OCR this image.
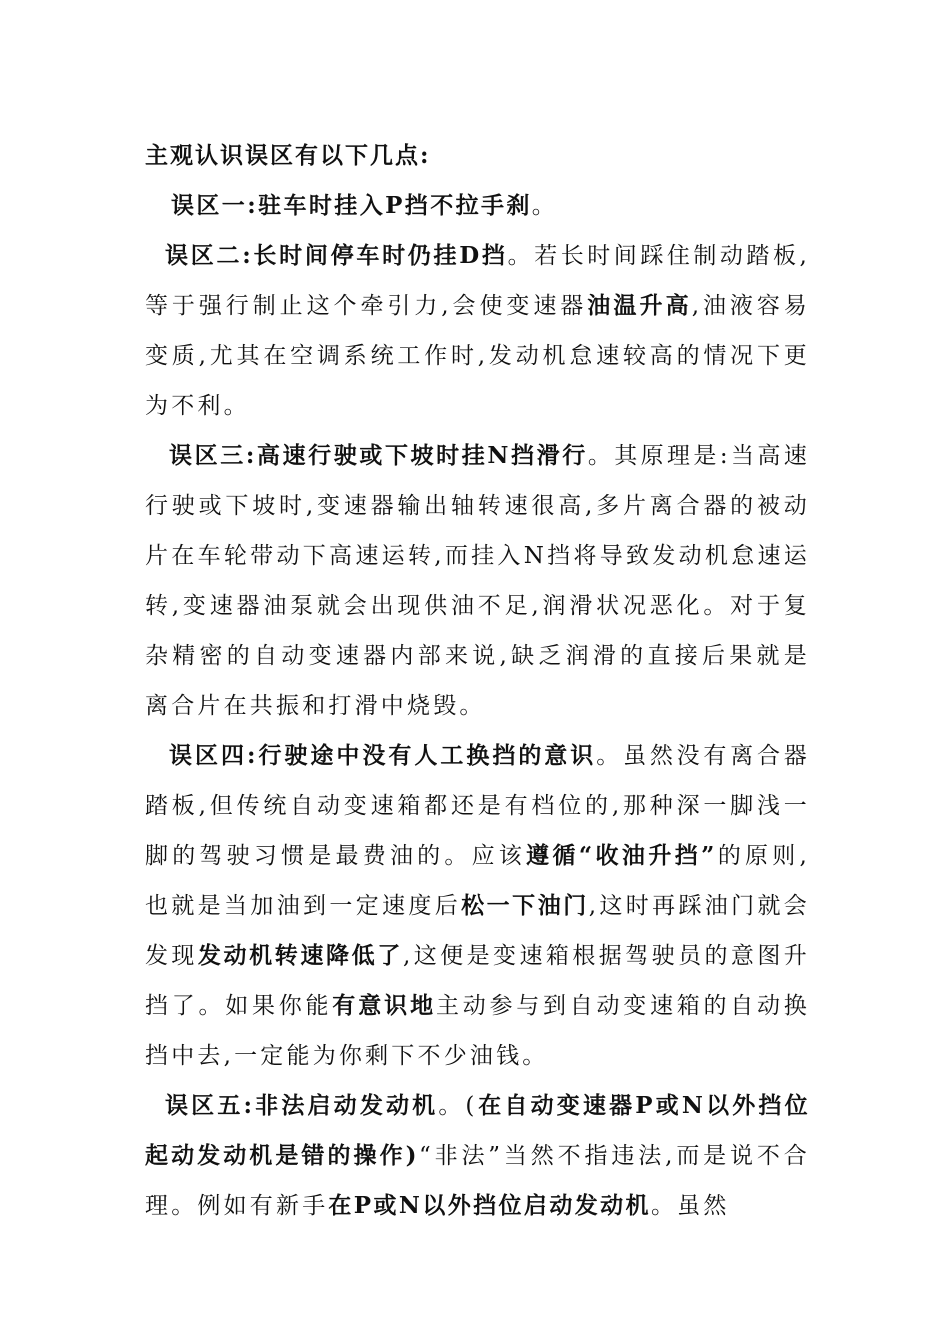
主观认识误区有以下几点:

误区一:驻车时挂入P挡不拉手刹。

误区二:长时间停车时仍挂D挡。若长时间踩住制动踏板,等于强行制止这个牵引力,会使变速器油温升高,油液容易变质,尤其在空调系统工作时,发动机怠速较高的情况下更为不利。

误区三:高速行驶或下坡时挂N挡滑行。其原理是:当高速行驶或下坡时,变速器输出轴转速很高,多片离合器的被动片在车轮带动下高速运转,而挂入N挡将导致发动机怠速运转,变速器油泵就会出现供油不足,润滑状况恶化。对于复杂精密的自动变速器内部来说,缺乏润滑的直接后果就是离合片在共振和打滑中烧毁。

误区四:行驶途中没有人工换挡的意识。虽然没有离合器踏板,但传统自动变速箱都还是有档位的,那种深一脚浅一脚的驾驶习惯是最费油的。应该遵循“收油升挡”的原则,也就是当加油到一定速度后松一下油门,这时再踩油门就会发现发动机转速降低了,这便是变速箱根据驾驶员的意图升挡了。如果你能有意识地主动参与到自动变速箱的自动换挡中去,一定能为你剩下不少油钱。

误区五:非法启动发动机。(在自动变速器P或N以外挡位起动发动机是错的操作)“非法”当然不指违法,而是说不合理。例如有新手在P或N以外挡位启动发动机。虽然
